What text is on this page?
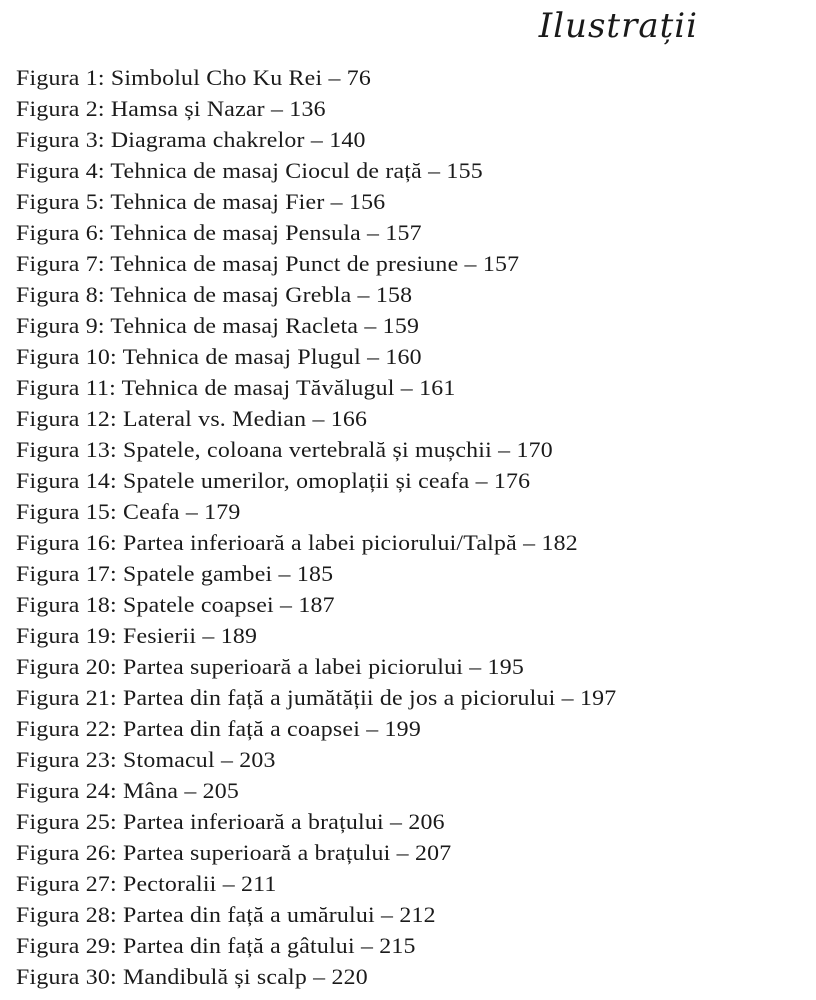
Ilustrații
Figura 1: Simbolul Cho Ku Rei – 76
Figura 2: Hamsa și Nazar – 136
Figura 3: Diagrama chakrelor – 140
Figura 4: Tehnica de masaj Ciocul de rață – 155
Figura 5: Tehnica de masaj Fier – 156
Figura 6: Tehnica de masaj Pensula – 157
Figura 7: Tehnica de masaj Punct de presiune – 157
Figura 8: Tehnica de masaj Grebla – 158
Figura 9: Tehnica de masaj Racleta – 159
Figura 10: Tehnica de masaj Plugul – 160
Figura 11: Tehnica de masaj Tăvălugul – 161
Figura 12: Lateral vs. Median – 166
Figura 13: Spatele, coloana vertebrală și mușchii – 170
Figura 14: Spatele umerilor, omoplații și ceafa – 176
Figura 15: Ceafa – 179
Figura 16: Partea inferioară a labei piciorului/Talpă – 182
Figura 17: Spatele gambei – 185
Figura 18: Spatele coapsei – 187
Figura 19: Fesierii – 189
Figura 20: Partea superioară a labei piciorului – 195
Figura 21: Partea din față a jumătății de jos a piciorului – 197
Figura 22: Partea din față a coapsei – 199
Figura 23: Stomacul – 203
Figura 24: Mâna – 205
Figura 25: Partea inferioară a brațului – 206
Figura 26: Partea superioară a brațului – 207
Figura 27: Pectoralii – 211
Figura 28: Partea din față a umărului – 212
Figura 29: Partea din față a gâtului – 215
Figura 30: Mandibulă și scalp – 220
